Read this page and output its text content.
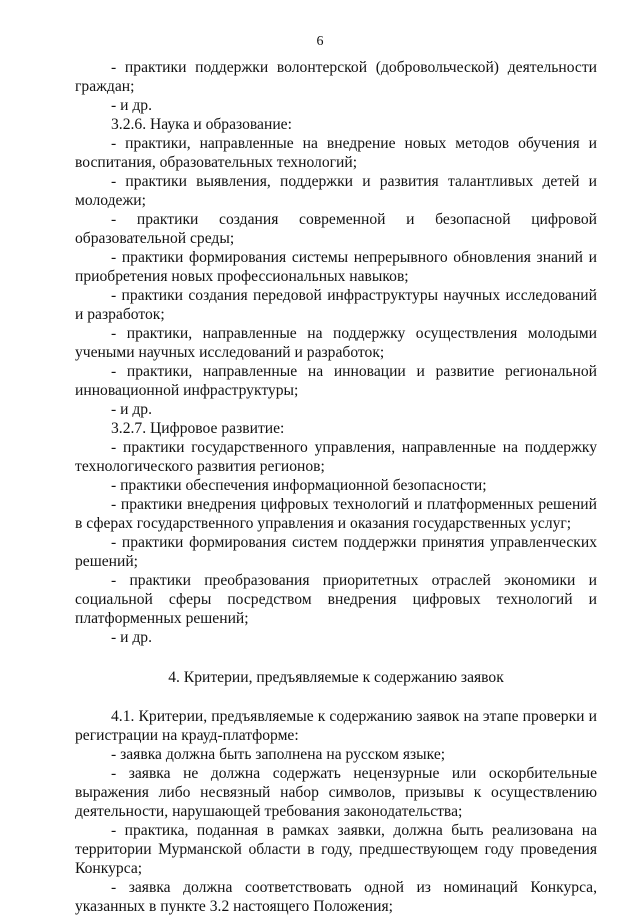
6
- практики поддержки волонтерской (добровольческой) деятельности граждан;
- и др.
3.2.6. Наука и образование:
- практики, направленные на внедрение новых методов обучения и воспитания, образовательных технологий;
- практики выявления, поддержки и развития талантливых детей и молодежи;
- практики создания современной и безопасной цифровой образовательной среды;
- практики формирования системы непрерывного обновления знаний и приобретения новых профессиональных навыков;
- практики создания передовой инфраструктуры научных исследований и разработок;
- практики, направленные на поддержку осуществления молодыми учеными научных исследований и разработок;
- практики, направленные на инновации и развитие региональной инновационной инфраструктуры;
- и др.
3.2.7. Цифровое развитие:
- практики государственного управления, направленные на поддержку технологического развития регионов;
- практики обеспечения информационной безопасности;
- практики внедрения цифровых технологий и платформенных решений в сферах государственного управления и оказания государственных услуг;
- практики формирования систем поддержки принятия управленческих решений;
- практики преобразования приоритетных отраслей экономики и социальной сферы посредством внедрения цифровых технологий и платформенных решений;
- и др.
4. Критерии, предъявляемые к содержанию заявок
4.1. Критерии, предъявляемые к содержанию заявок на этапе проверки и регистрации на крауд-платформе:
- заявка должна быть заполнена на русском языке;
- заявка не должна содержать нецензурные или оскорбительные выражения либо несвязный набор символов, призывы к осуществлению деятельности, нарушающей требования законодательства;
- практика, поданная в рамках заявки, должна быть реализована на территории Мурманской области в году, предшествующем году проведения Конкурса;
- заявка должна соответствовать одной из номинаций Конкурса, указанных в пункте 3.2 настоящего Положения;
